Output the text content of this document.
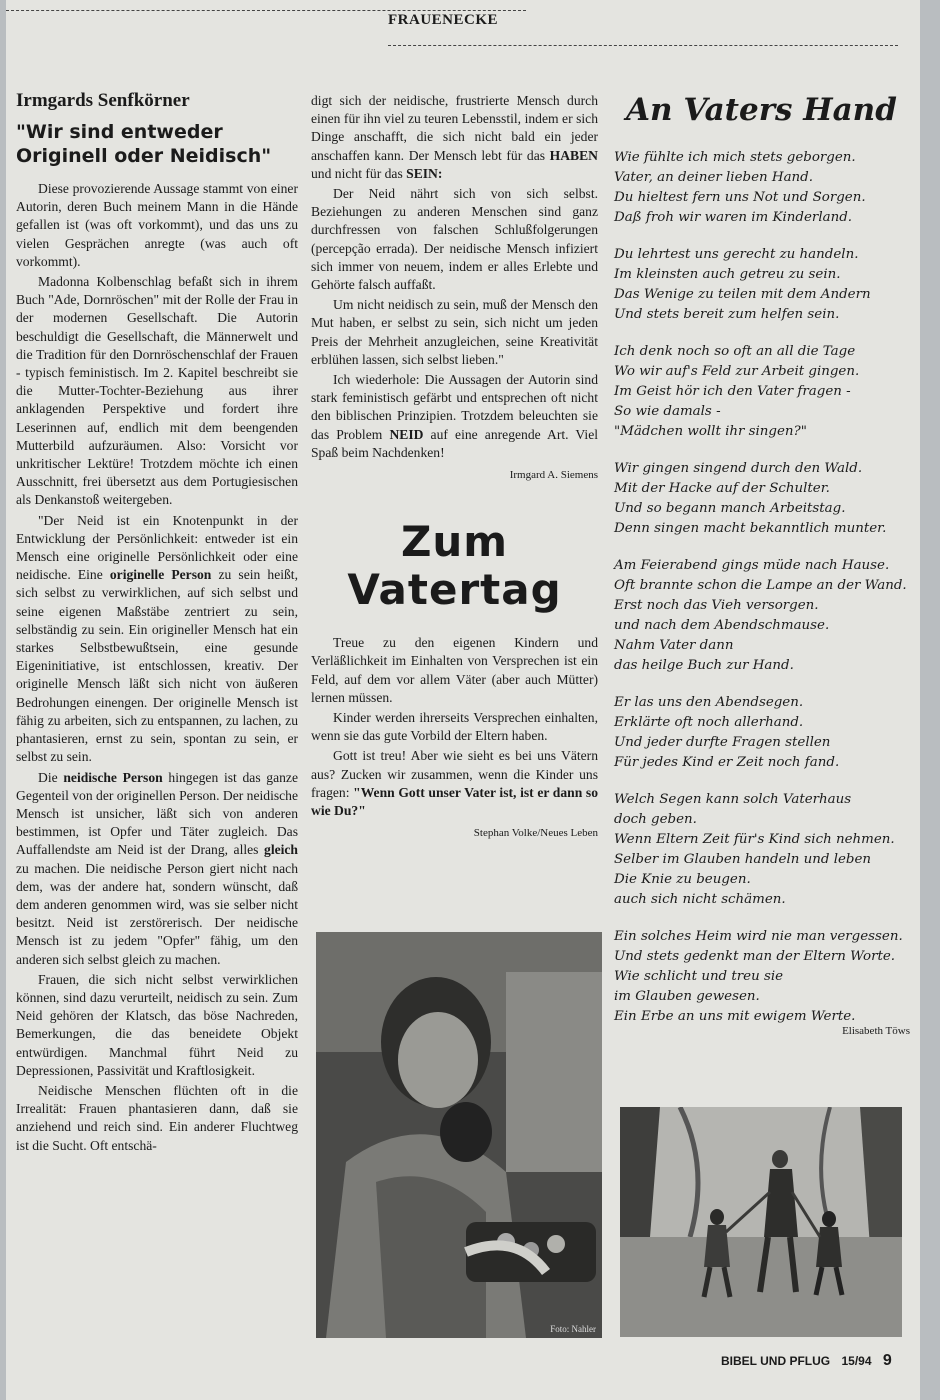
FRAUENECKE
Irmgards Senfkörner
"Wir sind entweder
Originell oder Neidisch"

Diese provozierende Aussage stammt von einer Autorin, deren Buch meinem Mann in die Hände gefallen ist (was oft vorkommt), und das uns zu vielen Gesprächen anregte (was auch oft vorkommt).

Madonna Kolbenschlag befaßt sich in ihrem Buch "Ade, Dornröschen" mit der Rolle der Frau in der modernen Gesellschaft. Die Autorin beschuldigt die Gesellschaft, die Männerwelt und die Tradition für den Dornröschenschlaf der Frauen - typisch feministisch. Im 2. Kapitel beschreibt sie die Mutter-Tochter-Beziehung aus ihrer anklagenden Perspektive und fordert ihre Leserinnen auf, endlich mit dem beengenden Mutterbild aufzuräumen. Also: Vorsicht vor unkritischer Lektüre! Trotzdem möchte ich einen Ausschnitt, frei übersetzt aus dem Portugiesischen als Denkanstoß weitergeben.

"Der Neid ist ein Knotenpunkt in der Entwicklung der Persönlichkeit: entweder ist ein Mensch eine originelle Persönlichkeit oder eine neidische. Eine originelle Person zu sein heißt, sich selbst zu verwirklichen, auf sich selbst und seine eigenen Maßstäbe zentriert zu sein, selbständig zu sein. Ein origineller Mensch hat ein starkes Selbstbewußtsein, eine gesunde Eigeninitiative, ist entschlossen, kreativ. Der originelle Mensch läßt sich nicht von äußeren Bedrohungen einengen. Der originelle Mensch ist fähig zu arbeiten, sich zu entspannen, zu lachen, zu phantasieren, ernst zu sein, spontan zu sein, er selbst zu sein.

Die neidische Person hingegen ist das ganze Gegenteil von der originellen Person. Der neidische Mensch ist unsicher, läßt sich von anderen bestimmen, ist Opfer und Täter zugleich. Das Auffallendste am Neid ist der Drang, alles gleich zu machen. Die neidische Person giert nicht nach dem, was der andere hat, sondern wünscht, daß dem anderen genommen wird, was sie selber nicht besitzt. Neid ist zerstörerisch. Der neidische Mensch ist zu jedem "Opfer" fähig, um den anderen sich selbst gleich zu machen.

Frauen, die sich nicht selbst verwirklichen können, sind dazu verurteilt, neidisch zu sein. Zum Neid gehören der Klatsch, das böse Nachreden, Bemerkungen, die das beneidete Objekt entwürdigen. Manchmal führt Neid zu Depressionen, Passivität und Kraftlosigkeit.

Neidische Menschen flüchten oft in die Irrealität: Frauen phantasieren dann, daß sie anziehend und reich sind. Ein anderer Fluchtweg ist die Sucht. Oft entschä-

digt sich der neidische, frustrierte Mensch durch einen für ihn viel zu teuren Lebensstil, indem er sich Dinge anschafft, die sich nicht bald ein jeder anschaffen kann. Der Mensch lebt für das HABEN und nicht für das SEIN:

Der Neid nährt sich von sich selbst. Beziehungen zu anderen Menschen sind ganz durchfressen von falschen Schlußfolgerungen (percepção errada). Der neidische Mensch infiziert sich immer von neuem, indem er alles Erlebte und Gehörte falsch auffaßt.

Um nicht neidisch zu sein, muß der Mensch den Mut haben, er selbst zu sein, sich nicht um jeden Preis der Mehrheit anzugleichen, seine Kreativität erblühen lassen, sich selbst lieben."

Ich wiederhole: Die Aussagen der Autorin sind stark feministisch gefärbt und entsprechen oft nicht den biblischen Prinzipien. Trotzdem beleuchten sie das Problem NEID auf eine anregende Art. Viel Spaß beim Nachdenken!

Irmgard A. Siemens
Zum
Vatertag

Treue zu den eigenen Kindern und Verläßlichkeit im Einhalten von Versprechen ist ein Feld, auf dem vor allem Väter (aber auch Mütter) lernen müssen.

Kinder werden ihrerseits Versprechen einhalten, wenn sie das gute Vorbild der Eltern haben.

Gott ist treu! Aber wie sieht es bei uns Vätern aus? Zucken wir zusammen, wenn die Kinder uns fragen: "Wenn Gott unser Vater ist, ist er dann so wie Du?"

Stephan Volke/Neues Leben
Foto: Nahler
An Vaters Hand
Wie fühlte ich mich stets geborgen.
Vater, an deiner lieben Hand.
Du hieltest fern uns Not und Sorgen.
Daß froh wir waren im Kinderland.
Du lehrtest uns gerecht zu handeln.
Im kleinsten auch getreu zu sein.
Das Wenige zu teilen mit dem Andern
Und stets bereit zum helfen sein.
Ich denk noch so oft an all die Tage
Wo wir auf's Feld zur Arbeit gingen.
Im Geist hör ich den Vater fragen -
So wie damals -
"Mädchen wollt ihr singen?"
Wir gingen singend durch den Wald.
Mit der Hacke auf der Schulter.
Und so begann manch Arbeitstag.
Denn singen macht bekanntlich munter.
Am Feierabend gings müde nach Hause.
Oft brannte schon die Lampe an der Wand.
Erst noch das Vieh versorgen.
und nach dem Abendschmause.
Nahm Vater dann
das heilge Buch zur Hand.
Er las uns den Abendsegen.
Erklärte oft noch allerhand.
Und jeder durfte Fragen stellen
Für jedes Kind er Zeit noch fand.
Welch Segen kann solch Vaterhaus
doch geben.
Wenn Eltern Zeit für's Kind sich nehmen.
Selber im Glauben handeln und leben
Die Knie zu beugen.
auch sich nicht schämen.
Ein solches Heim wird nie man vergessen.
Und stets gedenkt man der Eltern Worte.
Wie schlicht und treu sie
im Glauben gewesen.
Ein Erbe an uns mit ewigem Werte.
Elisabeth Töws
BIBEL UND PFLUG 15/94 9
